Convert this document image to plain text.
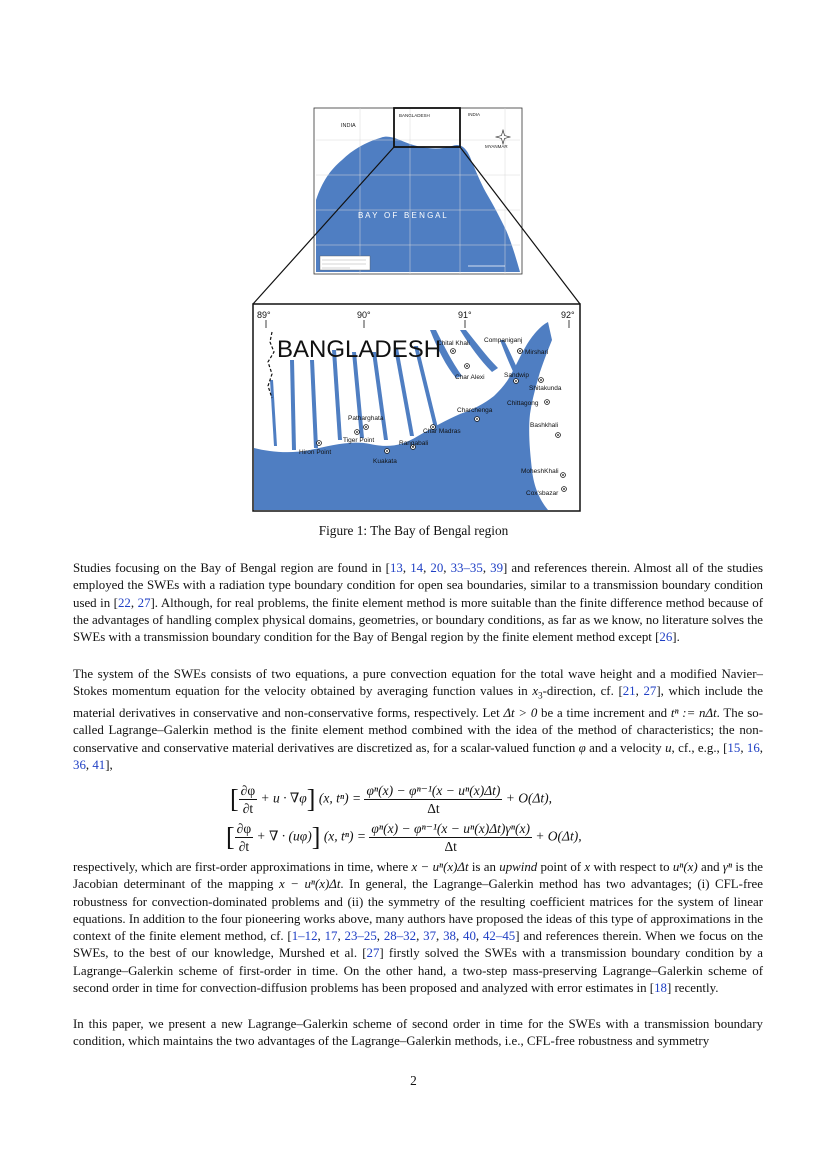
INDIA
BANGLADESH	INDIA
MYANMAR
B A Y   O F   B E N G A L
89°	90°	91°	92°
BANGLADESH
Chital Khali Companiganj
Mirshari
Char Alexi	Sandwip
Shitakunda
Chittagong
Charchenga
Patharghata
Char Madras
Tiger Point	Rangabali
Hiron Point
Kuakata
Bashkhali
MoheshKhali
Cox'sbazar
Figure 1: The Bay of Bengal region

Studies focusing on the Bay of Bengal region are found in [13, 14, 20, 33–35, 39] and references therein. Almost all of the studies employed the SWEs with a radiation type boundary condition for open sea boundaries, similar to a transmission boundary condition used in [22, 27]. Although, for real problems, the finite element method is more suitable than the finite difference method because of the advantages of handling complex physical domains, geometries, or boundary conditions, as far as we know, no literature solves the SWEs with a transmission boundary condition for the Bay of Bengal region by the finite element method except [26].

The system of the SWEs consists of two equations, a pure convection equation for the total wave height and a modified Navier–Stokes momentum equation for the velocity obtained by averaging function values in $x_3$-direction, cf. [21, 27], which include the material derivatives in conservative and non-conservative forms, respectively. Let Δt > 0 be a time increment and tⁿ := nΔt. The so-called Lagrange–Galerkin method is the finite element method combined with the idea of the method of characteristics; the non-conservative and conservative material derivatives are discretized as, for a scalar-valued function φ and a velocity u, cf., e.g., [15, 16, 36, 41],

[ $\frac{\partial\varphi}{\partial t} + u \cdot \nabla\varphi$] (x, $t^n) = \frac{\text{φⁿ(x) − φⁿ⁻¹(x − uⁿ(x)Δt)}}{\Delta t} + O(\Delta t)$,
[ $\frac{\partial\varphi}{\partial t}$ + ∇ · (uφ)] (x, $t^n) = \frac{\text{φⁿ(x) − φⁿ⁻¹(x − uⁿ(x)Δt)γⁿ(x)}}{\Delta t} + O(\Delta t)$,

respectively, which are first-order approximations in time, where x − uⁿ(x)Δt is an upwind point of x with respect to uⁿ(x) and γⁿ is the Jacobian determinant of the mapping x − uⁿ(x)Δt. In general, the Lagrange–Galerkin method has two advantages; (i) CFL-free robustness for convection-dominated problems and (ii) the symmetry of the resulting coefficient matrices for the system of linear equations. In addition to the four pioneering works above, many authors have proposed the ideas of this type of approximations in the context of the finite element method, cf. [1–12, 17, 23–25, 28–32, 37, 38, 40, 42–45] and references therein. When we focus on the SWEs, to the best of our knowledge, Murshed et al. [27] firstly solved the SWEs with a transmission boundary condition by a Lagrange–Galerkin scheme of first-order in time. On the other hand, a two-step mass-preserving Lagrange–Galerkin scheme of second order in time for convection-diffusion problems has been proposed and analyzed with error estimates in [18] recently.

In this paper, we present a new Lagrange–Galerkin scheme of second order in time for the SWEs with a transmission boundary condition, which maintains the two advantages of the Lagrange–Galerkin methods, i.e., CFL-free robustness and symmetry

2
